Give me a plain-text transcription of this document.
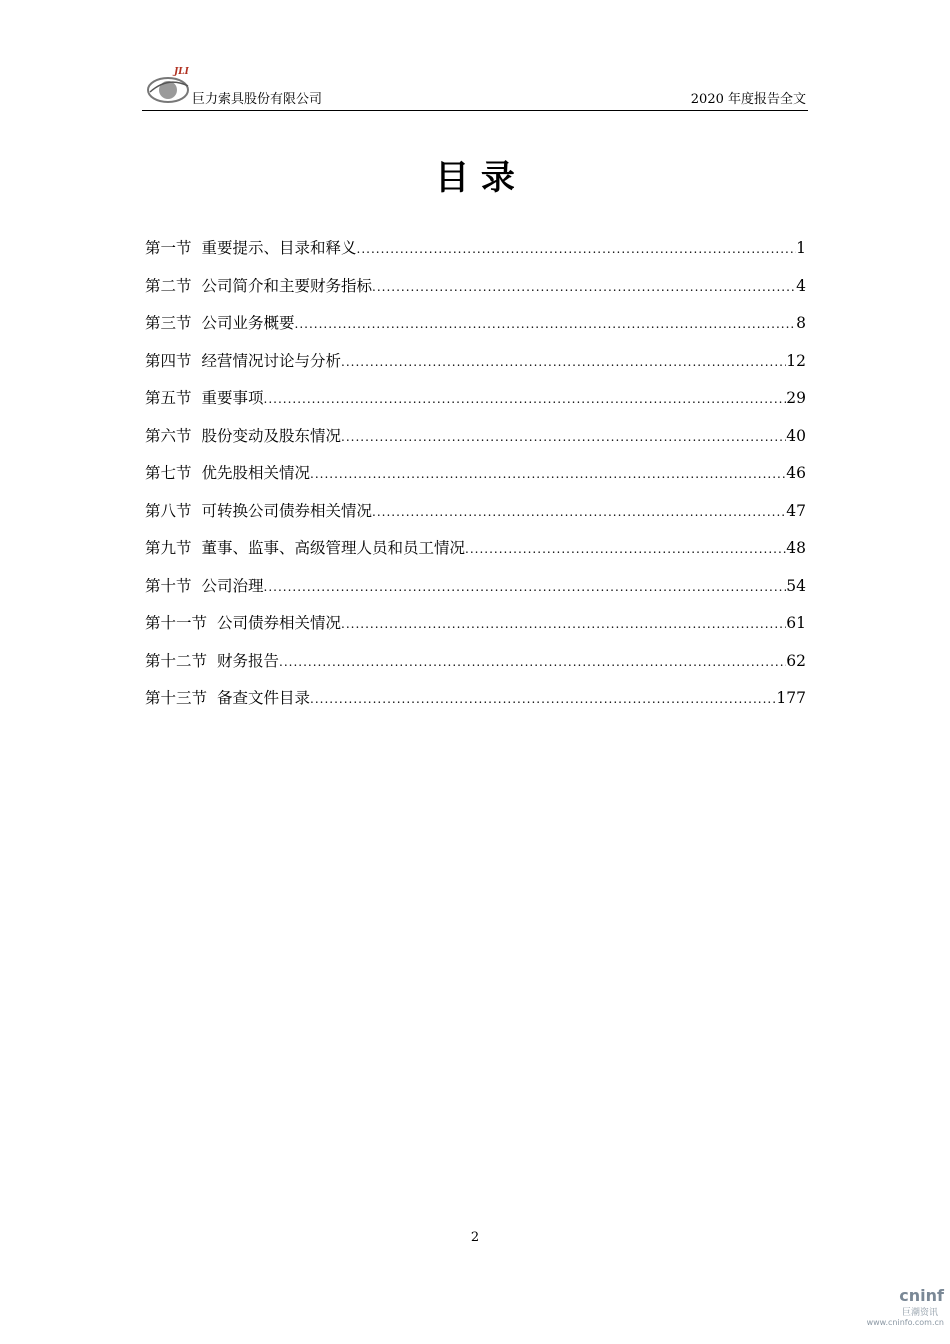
JLI
巨力索具股份有限公司	2020 年度报告全文
目 录
第一节 重要提示、目录和释义 .....	1
第二节 公司简介和主要财务指标 .....	4
第三节 公司业务概要 .....	8
第四节 经营情况讨论与分析 .....	12
第五节 重要事项 .....	29
第六节 股份变动及股东情况 .....	40
第七节 优先股相关情况 .....	46
第八节 可转换公司债券相关情况 .....	47
第九节 董事、监事、高级管理人员和员工情况 .....	48
第十节 公司治理 .....	54
第十一节 公司债券相关情况 .....	61
第十二节 财务报告 .....	62
第十三节 备查文件目录 .....	177
2
cninf
巨潮资讯
www.cninfo.com.cn
